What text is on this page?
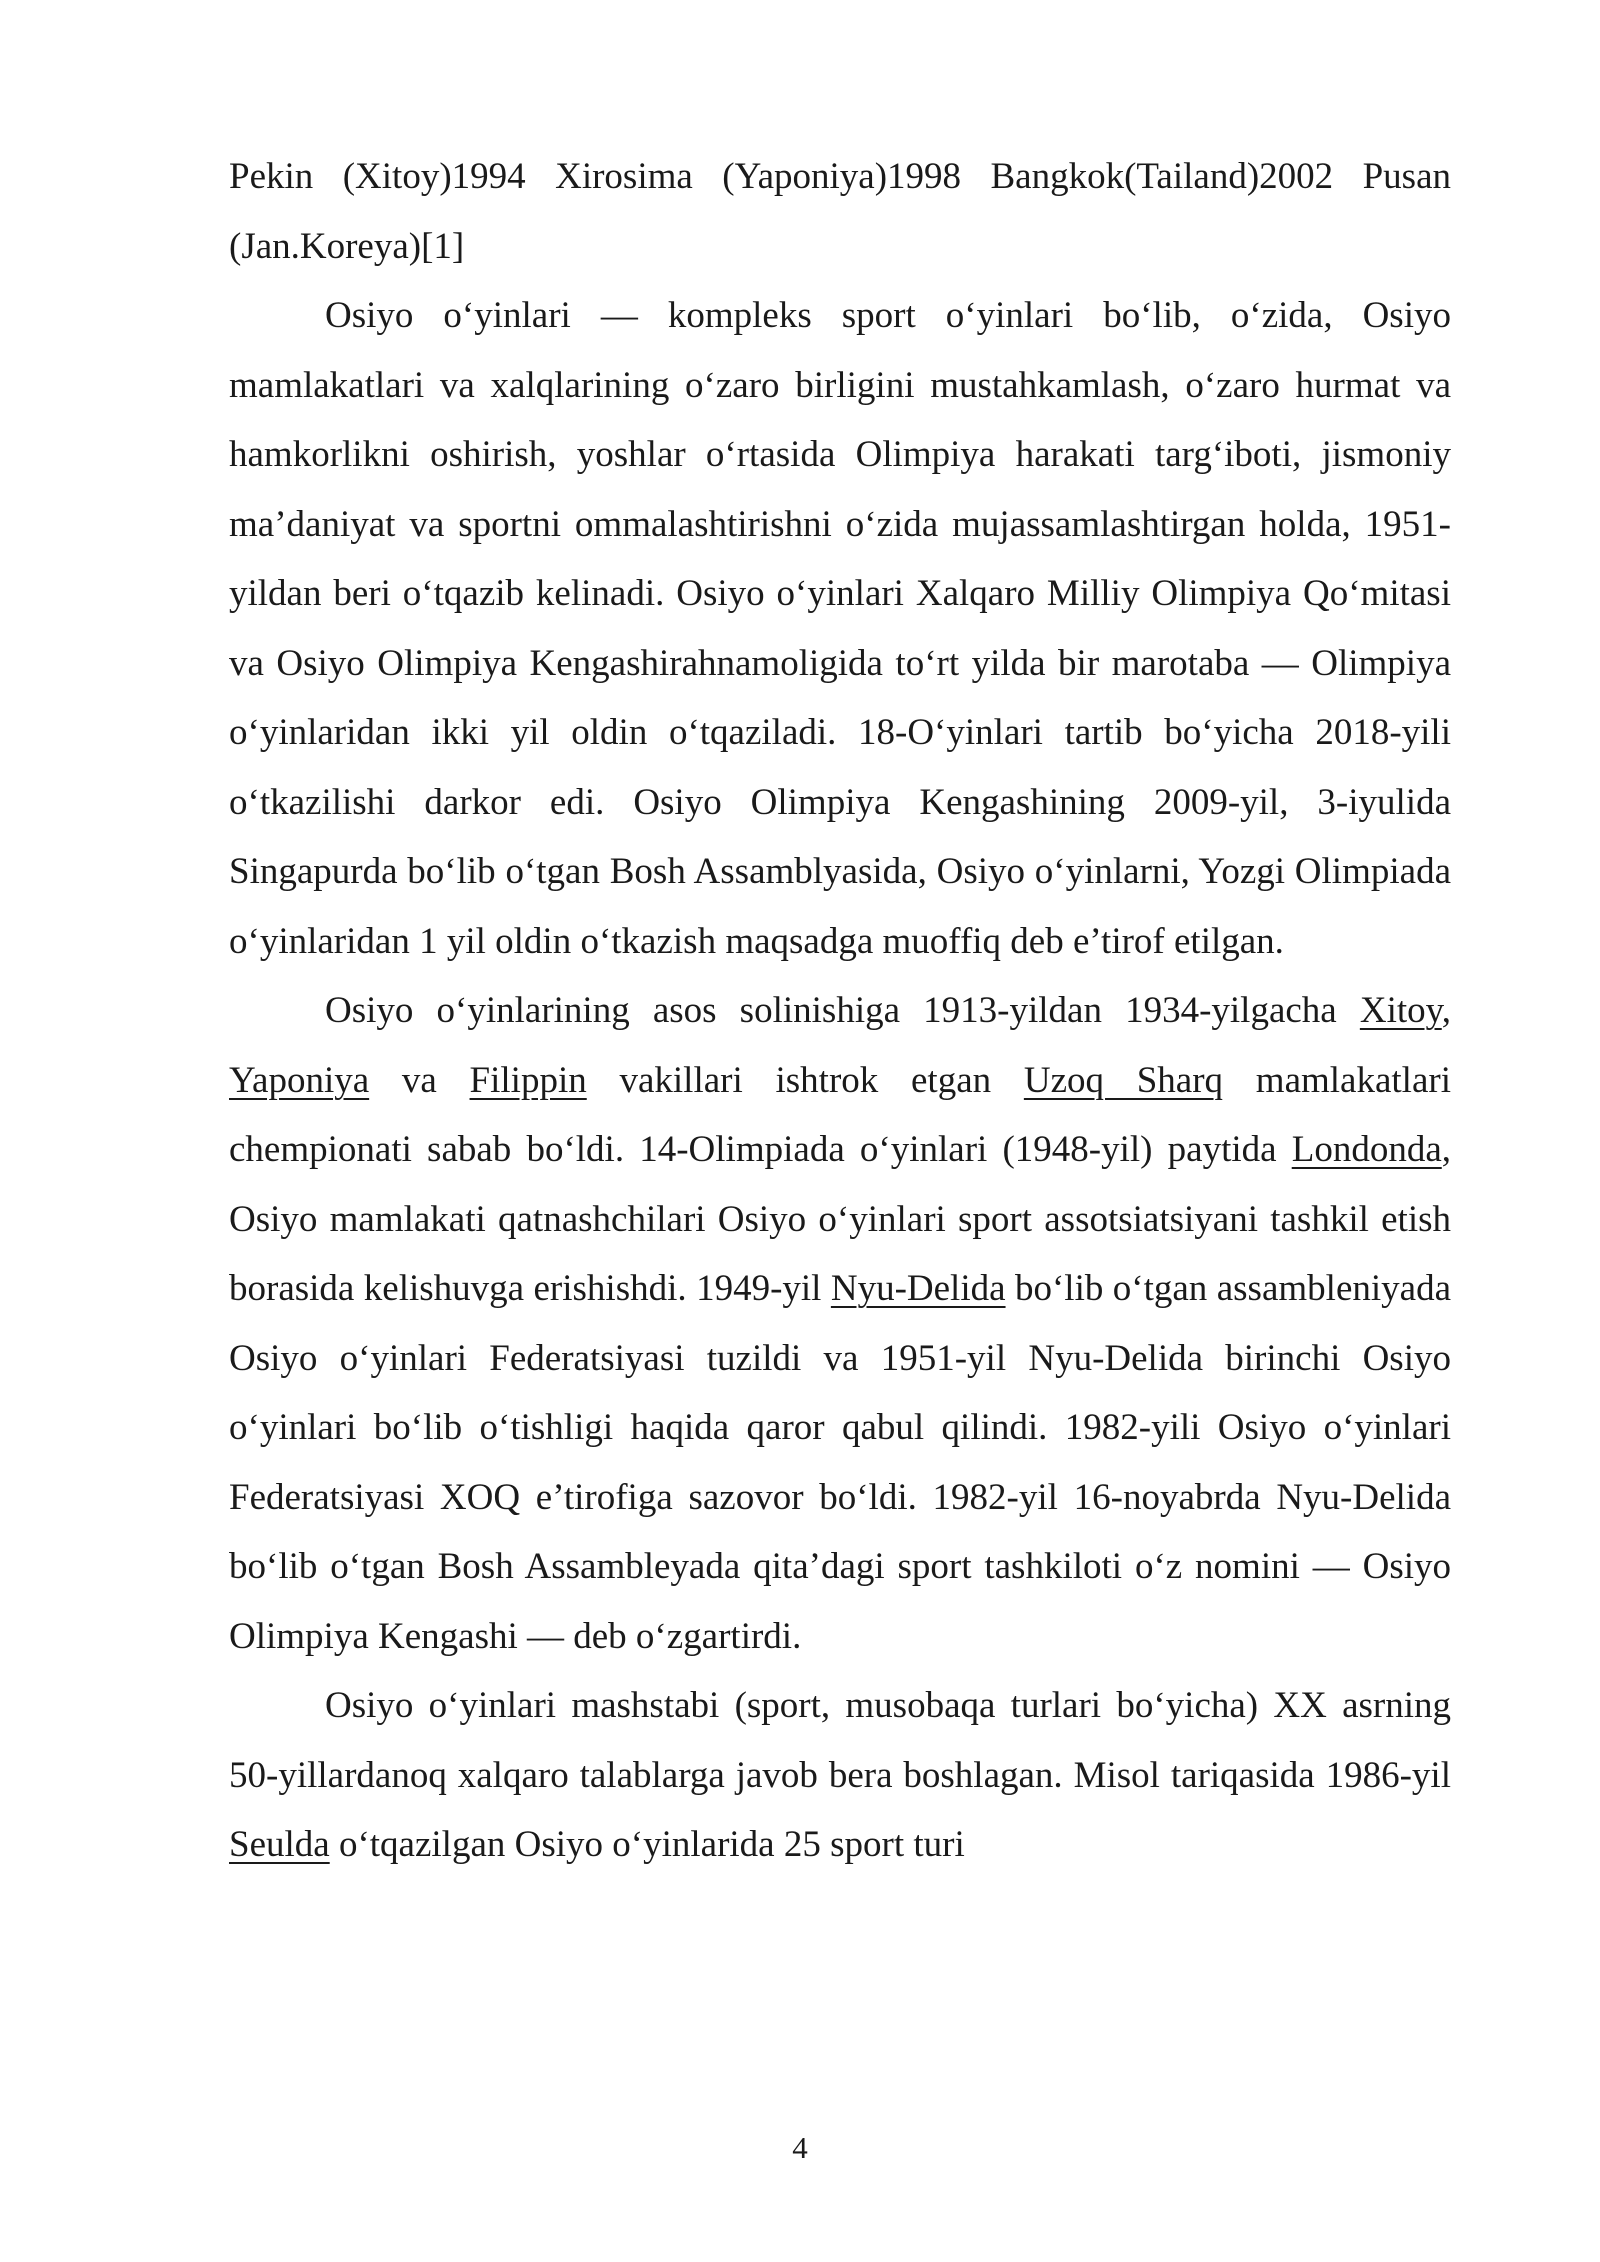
Pekin (Xitoy)1994 Xirosima (Yaponiya)1998 Bangkok(Tailand)2002 Pusan (Jan.Koreya)[1]

Osiyo o‘yinlari — kompleks sport o‘yinlari bo‘lib, o‘zida, Osiyo mamlakatlari va xalqlarining o‘zaro birligini mustahkamlash, o‘zaro hurmat va hamkorlikni oshirish, yoshlar o‘rtasida Olimpiya harakati targ‘iboti, jismoniy ma’daniyat va sportni ommalashtirishni o‘zida mujassamlashtirgan holda, 1951-yildan beri o‘tqazib kelinadi. Osiyo o‘yinlari Xalqaro Milliy Olimpiya Qo‘mitasi va Osiyo Olimpiya Kengashirahnamoligida to‘rt yilda bir marotaba — Olimpiya o‘yinlaridan ikki yil oldin o‘tqaziladi. 18-O‘yinlari tartib bo‘yicha 2018-yili o‘tkazilishi darkor edi. Osiyo Olimpiya Kengashining 2009-yil, 3-iyulida Singapurda bo‘lib o‘tgan Bosh Assamblyasida, Osiyo o‘yinlarni, Yozgi Olimpiada o‘yinlaridan 1 yil oldin o‘tkazish maqsadga muoffiq deb e’tirof etilgan.

Osiyo o‘yinlarining asos solinishiga 1913-yildan 1934-yilgacha Xitoy, Yaponiya va Filippin vakillari ishtrok etgan Uzoq Sharq mamlakatlari chempionati sabab bo‘ldi. 14-Olimpiada o‘yinlari (1948-yil) paytida Londonda, Osiyo mamlakati qatnashchilari Osiyo o‘yinlari sport assotsiatsiyani tashkil etish borasida kelishuvga erishishdi. 1949-yil Nyu-Delida bo‘lib o‘tgan assambleniyada Osiyo o‘yinlari Federatsiyasi tuzildi va 1951-yil Nyu-Delida birinchi Osiyo o‘yinlari bo‘lib o‘tishligi haqida qaror qabul qilindi. 1982-yili Osiyo o‘yinlari Federatsiyasi XOQ e’tirofiga sazovor bo‘ldi. 1982-yil 16-noyabrda Nyu-Delida bo‘lib o‘tgan Bosh Assambleyada qita’dagi sport tashkiloti o‘z nomini — Osiyo Olimpiya Kengashi — deb o‘zgartirdi.

Osiyo o‘yinlari mashstabi (sport, musobaqa turlari bo‘yicha) XX asrning 50-yillardanoq xalqaro talablarga javob bera boshlagan. Misol tariqasida 1986-yil Seulda o‘tqazilgan Osiyo o‘yinlarida 25 sport turi

4
